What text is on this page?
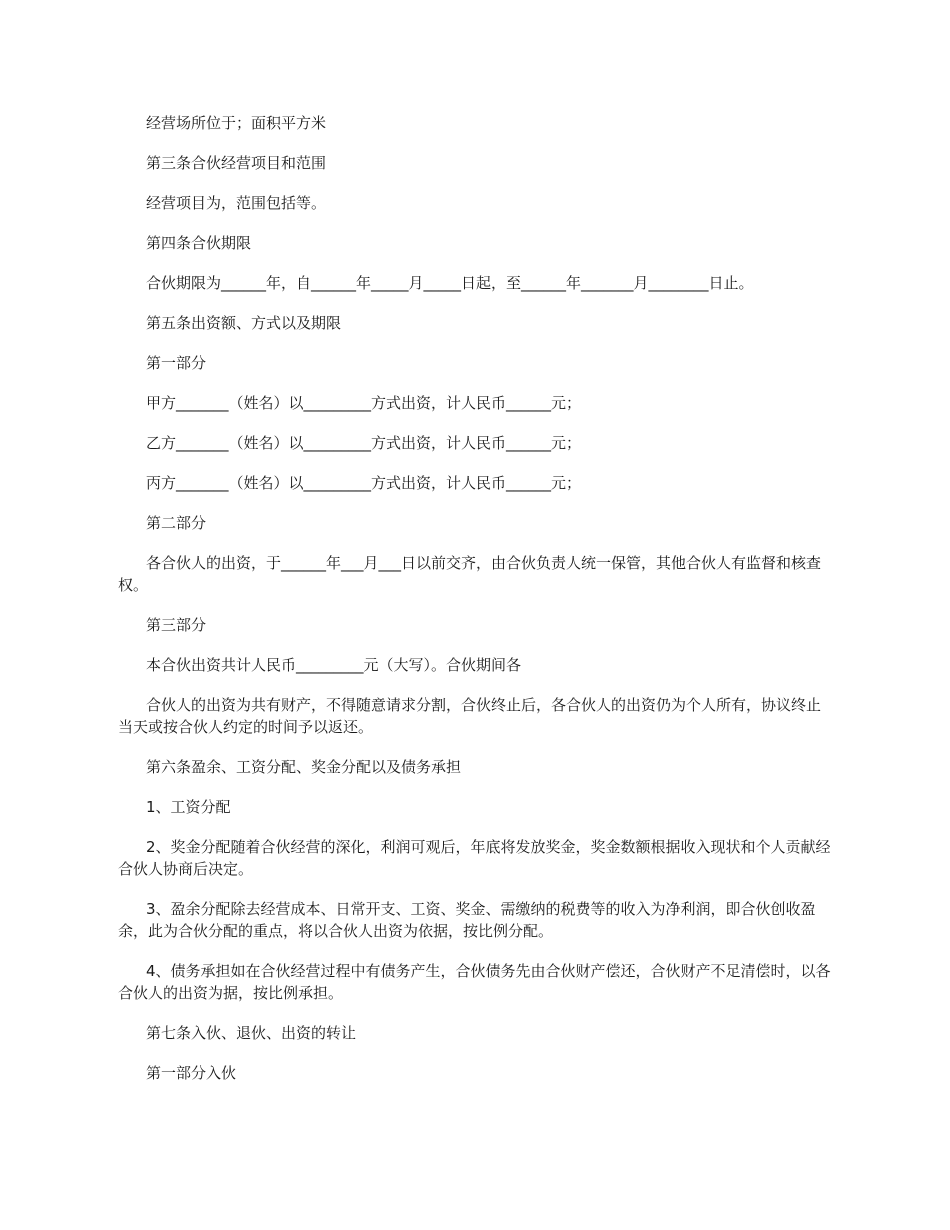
经营场所位于；面积平方米

第三条合伙经营项目和范围

经营项目为，范围包括等。

第四条合伙期限

合伙期限为______年，自______年_____月_____日起，至______年_______月________日止。

第五条出资额、方式以及期限

第一部分

甲方_______（姓名）以_________方式出资，计人民币______元；

乙方_______（姓名）以_________方式出资，计人民币______元；

丙方_______（姓名）以_________方式出资，计人民币______元；

第二部分

各合伙人的出资，于______年___月___日以前交齐，由合伙负责人统一保管，其他合伙人有监督和核查权。

第三部分

本合伙出资共计人民币_________元（大写）。合伙期间各

合伙人的出资为共有财产，不得随意请求分割，合伙终止后，各合伙人的出资仍为个人所有，协议终止当天或按合伙人约定的时间予以返还。

第六条盈余、工资分配、奖金分配以及债务承担

1、工资分配

2、奖金分配随着合伙经营的深化，利润可观后，年底将发放奖金，奖金数额根据收入现状和个人贡献经合伙人协商后决定。

3、盈余分配除去经营成本、日常开支、工资、奖金、需缴纳的税费等的收入为净利润，即合伙创收盈余，此为合伙分配的重点，将以合伙人出资为依据，按比例分配。

4、债务承担如在合伙经营过程中有债务产生，合伙债务先由合伙财产偿还，合伙财产不足清偿时，以各合伙人的出资为据，按比例承担。

第七条入伙、退伙、出资的转让

第一部分入伙
